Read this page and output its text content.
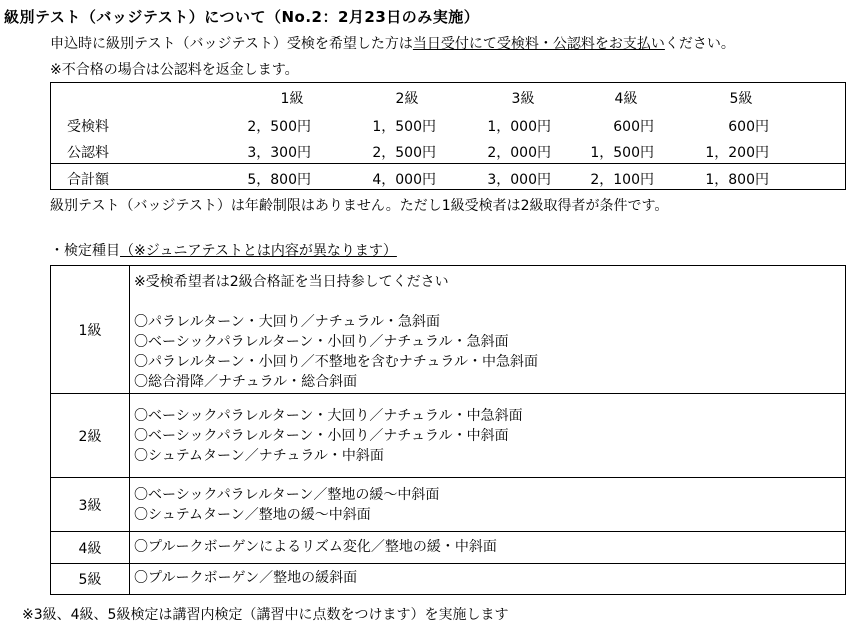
級別テスト（バッジテスト）について（No.2：2月23日のみ実施）
申込時に級別テスト（バッジテスト）受検を希望した方は当日受付にて受検料・公認料をお支払いください。
※不合格の場合は公認料を返金します。
1級	2級	3級	4級	5級
受検料	2，500円	1，500円	1，000円	600円	600円
公認料	3，300円	2，500円	2，000円	1，500円	1，200円
合計額	5，800円	4，000円	3，000円	2，100円	1，800円
級別テスト（バッジテスト）は年齢制限はありません。ただし1級受検者は2級取得者が条件です。
・検定種目（※ジュニアテストとは内容が異なります）
1級
※受検希望者は2級合格証を当日持参してください
〇パラレルターン・大回り／ナチュラル・急斜面
〇ベーシックパラレルターン・小回り／ナチュラル・急斜面
〇パラレルターン・小回り／不整地を含むナチュラル・中急斜面
〇総合滑降／ナチュラル・総合斜面
2級
〇ベーシックパラレルターン・大回り／ナチュラル・中急斜面
〇ベーシックパラレルターン・小回り／ナチュラル・中斜面
〇シュテムターン／ナチュラル・中斜面
3級
〇ベーシックパラレルターン／整地の緩～中斜面
〇シュテムターン／整地の緩～中斜面
4級	〇プルークボーゲンによるリズム変化／整地の緩・中斜面
5級	〇プルークボーゲン／整地の緩斜面
※3級、4級、5級検定は講習内検定（講習中に点数をつけます）を実施します
